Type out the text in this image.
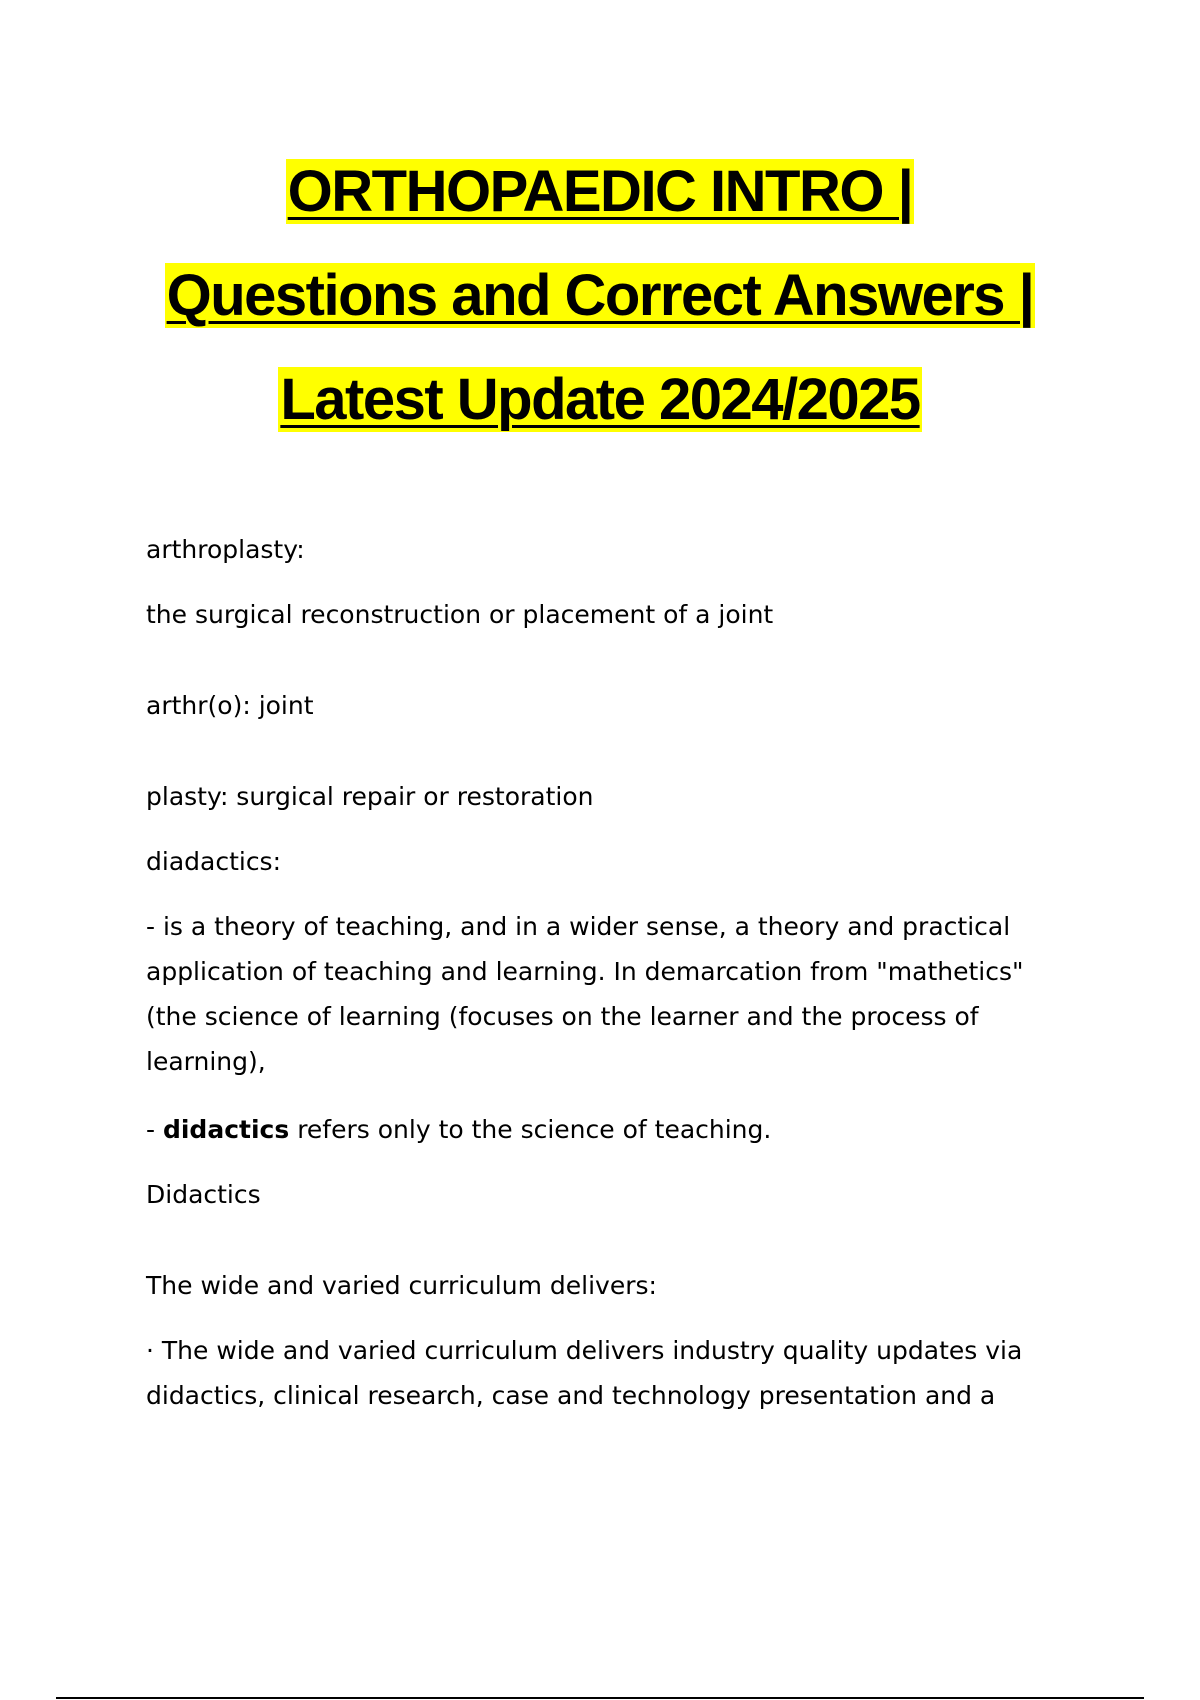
ORTHOPAEDIC INTRO |
Questions and Correct Answers |
Latest Update 2024/2025

arthroplasty:

the surgical reconstruction or placement of a joint

arthr(o): joint

plasty: surgical repair or restoration

diadactics:

- is a theory of teaching, and in a wider sense, a theory and practical application of teaching and learning. In demarcation from "mathetics" (the science of learning (focuses on the learner and the process of learning),

- didactics refers only to the science of teaching.

Didactics

The wide and varied curriculum delivers:

· The wide and varied curriculum delivers industry quality updates via didactics, clinical research, case and technology presentation and a
